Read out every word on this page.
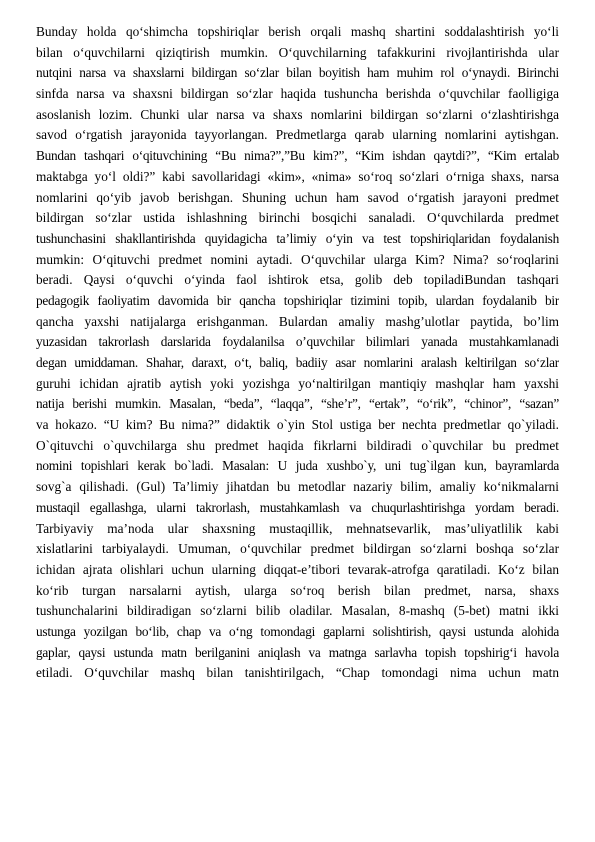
Bunday holda qo‘shimcha topshiriqlar berish orqali mashq shartini soddalashtirish yo‘li
bilan o‘quvchilarni qiziqtirish mumkin. O‘quvchilarning tafakkurini rivojlantirishda ular
nutqini narsa va shaxslarni bildirgan so‘zlar bilan boyitish ham muhim rol o‘ynaydi. Birinchi
sinfda narsa va shaxsni bildirgan so‘zlar haqida tushuncha berishda o‘quvchilar faolligiga
asoslanish lozim. Chunki ular narsa va shaxs nomlarini bildirgan so‘zlarni o‘zlashtirishga
savod o‘rgatish jarayonida tayyorlangan. Predmetlarga qarab ularning nomlarini aytishgan.
Bundan tashqari o‘qituvchining “Bu nima?”,”Bu kim?”, “Kim ishdan qaytdi?”, “Kim ertalab
maktabga yo‘l oldi?” kabi savollaridagi «kim», «nima» so‘roq so‘zlari o‘rniga shaxs, narsa
nomlarini qo‘yib javob berishgan. Shuning uchun ham savod o‘rgatish jarayoni predmet
bildirgan so‘zlar ustida ishlashning birinchi bosqichi sanaladi. O‘quvchilarda predmet
tushunchasini shakllantirishda quyidagicha ta’limiy o‘yin va test topshiriqlaridan foydalanish
mumkin: O‘qituvchi predmet nomini aytadi. O‘quvchilar ularga Kim? Nima? so‘roqlarini
beradi. Qaysi o‘quvchi o‘yinda faol ishtirok etsa, golib deb topiladiBundan tashqari
pedagogik faoliyatim davomida bir qancha topshiriqlar tizimini topib, ulardan foydalanib bir
qancha yaxshi natijalarga erishganman. Bulardan amaliy mashg’ulotlar paytida, bo’lim
yuzasidan takrorlash darslarida foydalanilsa o’quvchilar bilimlari yanada mustahkamlanadi
degan umiddaman. Shahar, daraxt, o‘t, baliq, badiiy asar nomlarini aralash keltirilgan so‘zlar
guruhi ichidan ajratib aytish yoki yozishga yo‘naltirilgan mantiqiy mashqlar ham yaxshi
natija berishi mumkin. Masalan, “beda”, “laqqa”, “she’r”, “ertak”, “o‘rik”, “chinor”, “sazan”
va hokazo. “U kim? Bu nima?” didaktik o`yin Stol ustiga ber nechta predmetlar qo`yiladi.
O`qituvchi o`quvchilarga shu predmet haqida fikrlarni bildiradi o`quvchilar bu predmet
nomini topishlari kerak bo`ladi. Masalan: U juda xushbo`y, uni tug`ilgan kun, bayramlarda
sovg`a qilishadi. (Gul) Ta’limiy jihatdan bu metodlar nazariy bilim, amaliy ko‘nikmalarni
mustaqil egallashga, ularni takrorlash, mustahkamlash va chuqurlashtirishga yordam beradi.
Tarbiyaviy ma’noda ular shaxsning mustaqillik, mehnatsevarlik, mas’uliyatlilik kabi
xislatlarini tarbiyalaydi. Umuman, o‘quvchilar predmet bildirgan so‘zlarni boshqa so‘zlar
ichidan ajrata olishlari uchun ularning diqqat-e’tibori tevarak-atrofga qaratiladi. Ko‘z bilan
ko‘rib turgan narsalarni aytish, ularga so‘roq berish bilan predmet, narsa, shaxs
tushunchalarini bildiradigan so‘zlarni bilib oladilar. Masalan, 8-mashq (5-bet) matni ikki
ustunga yozilgan bo‘lib, chap va o‘ng tomondagi gaplarni solishtirish, qaysi ustunda alohida
gaplar, qaysi ustunda matn berilganini aniqlash va matnga sarlavha topish topshirig‘i havola
etiladi. O‘quvchilar mashq bilan tanishtirilgach, “Chap tomondagi nima uchun matn
